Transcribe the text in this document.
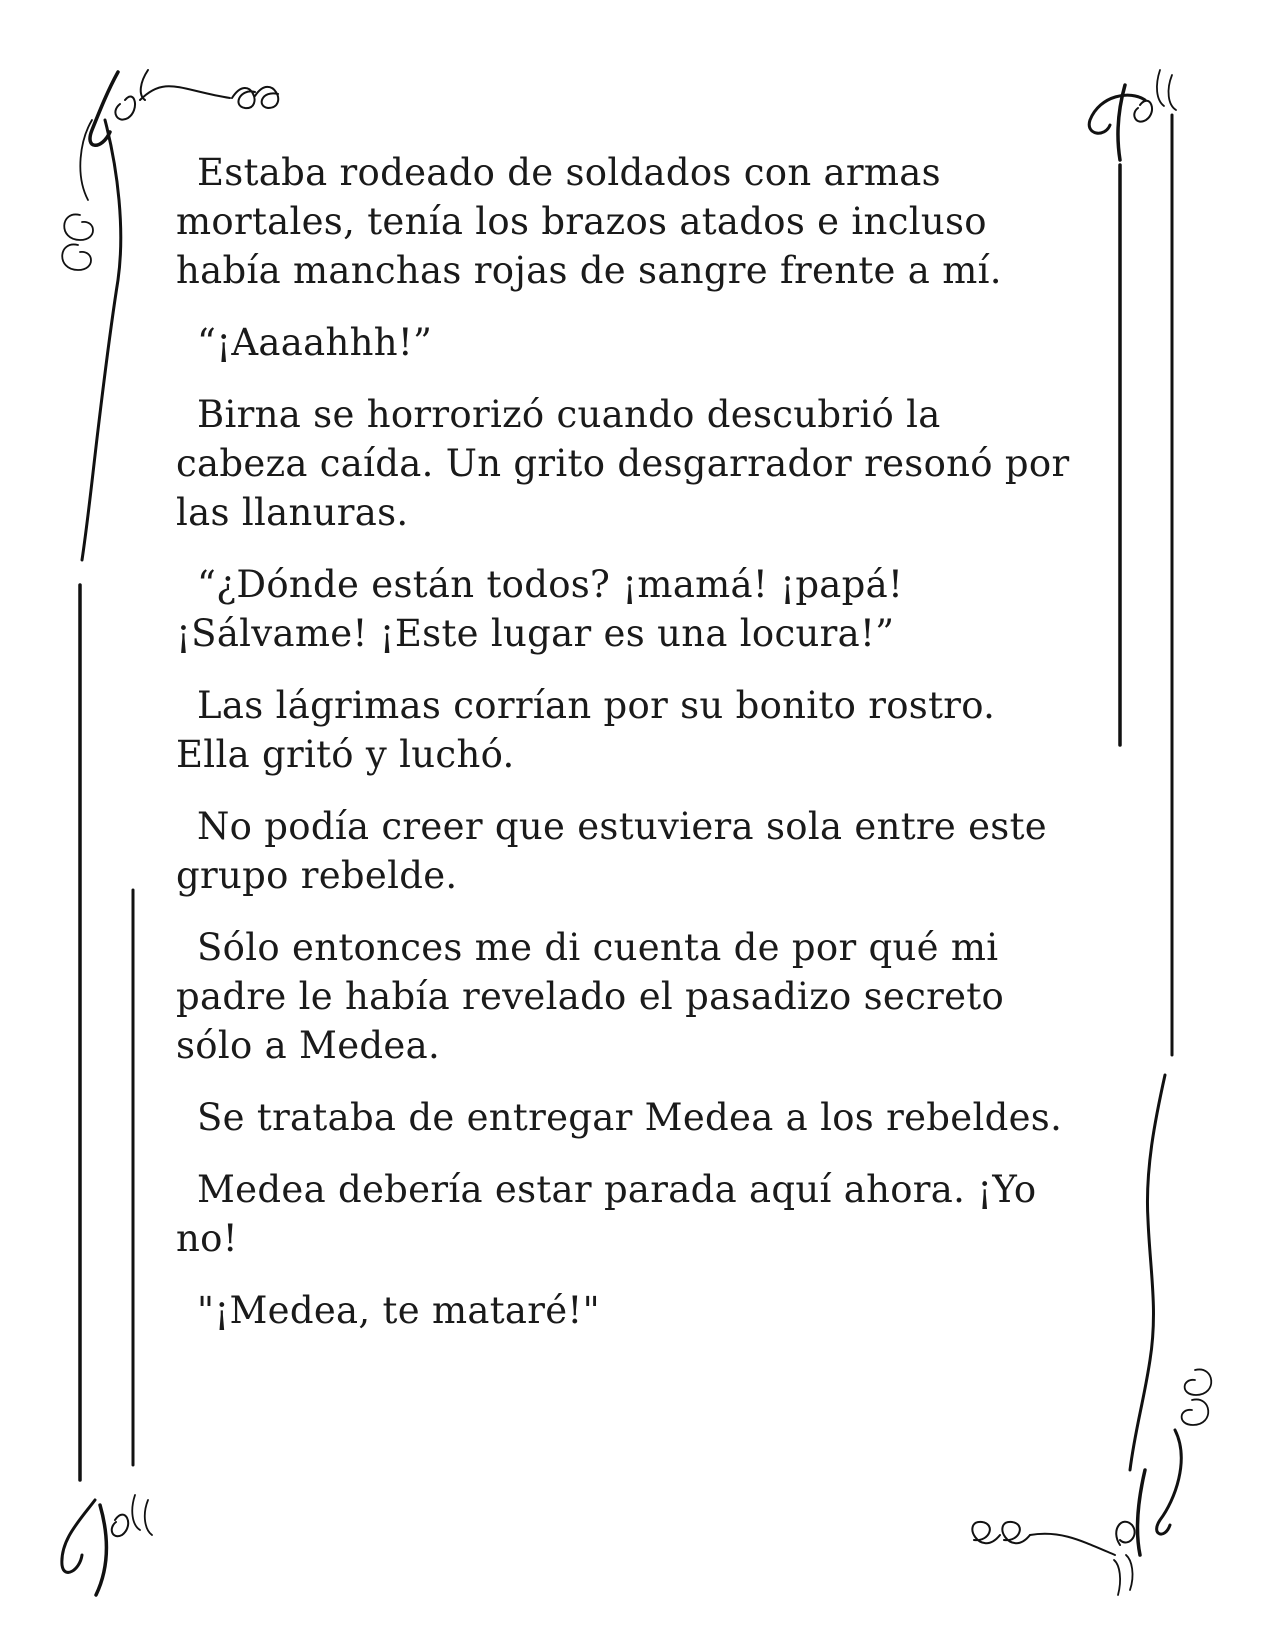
Estaba rodeado de soldados con armas
mortales, tenía los brazos atados e incluso
había manchas rojas de sangre frente a mí.

“¡Aaaahhh!”

Birna se horrorizó cuando descubrió la
cabeza caída. Un grito desgarrador resonó por
las llanuras.

“¿Dónde están todos? ¡mamá! ¡papá!
¡Sálvame! ¡Este lugar es una locura!”

Las lágrimas corrían por su bonito rostro.
Ella gritó y luchó.

No podía creer que estuviera sola entre este
grupo rebelde.

Sólo entonces me di cuenta de por qué mi
padre le había revelado el pasadizo secreto
sólo a Medea.

Se trataba de entregar Medea a los rebeldes.

Medea debería estar parada aquí ahora. ¡Yo
no!

"¡Medea, te mataré!"
